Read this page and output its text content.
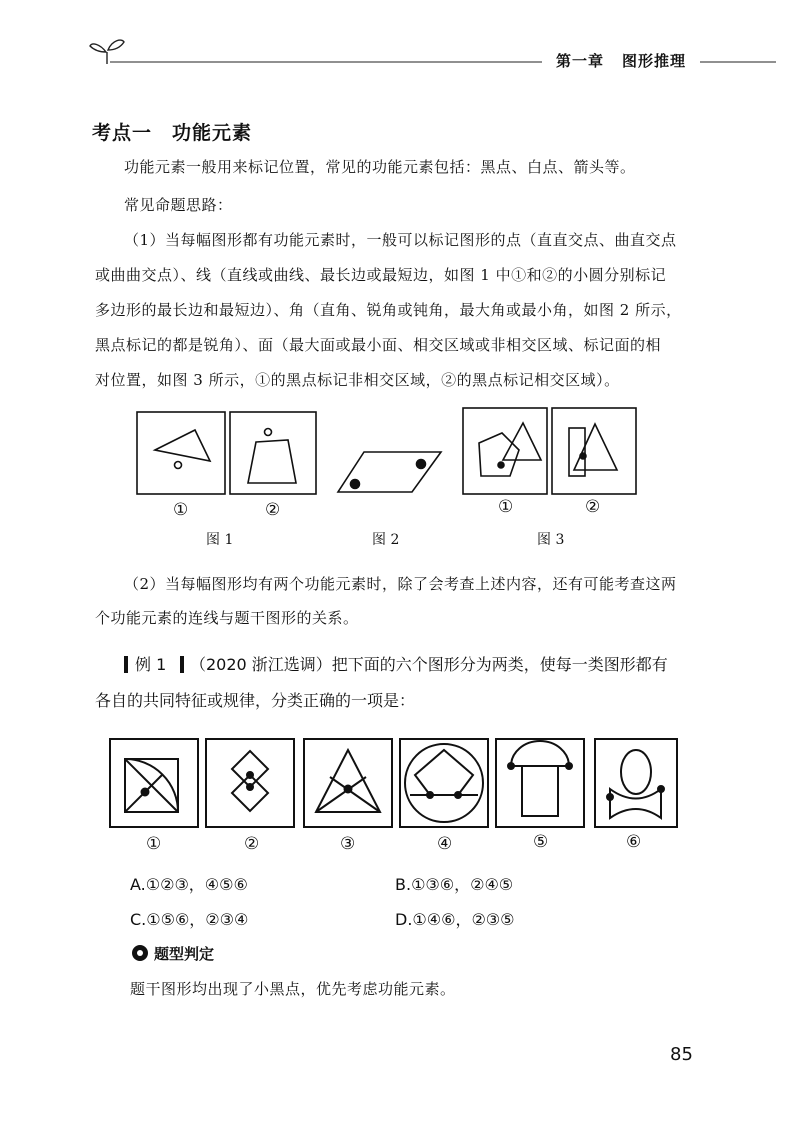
第一章 图形推理
考点一　功能元素
功能元素一般用来标记位置，常见的功能元素包括：黑点、白点、箭头等。
常见命题思路：
（1）当每幅图形都有功能元素时，一般可以标记图形的点（直直交点、曲直交点
或曲曲交点）、线（直线或曲线、最长边或最短边，如图 1 中①和②的小圆分别标记
多边形的最长边和最短边）、角（直角、锐角或钝角，最大角或最小角，如图 2 所示，
黑点标记的都是锐角）、面（最大面或最小面、相交区域或非相交区域、标记面的相
对位置，如图 3 所示，①的黑点标记非相交区域，②的黑点标记相交区域）。
①	②	①	②
图 1	图 2	图 3
（2）当每幅图形均有两个功能元素时，除了会考查上述内容，还有可能考查这两
个功能元素的连线与题干图形的关系。
例 1 （2020 浙江选调）把下面的六个图形分为两类，使每一类图形都有
各自的共同特征或规律，分类正确的一项是：
①	②	③	④	⑤	⑥
A.①②③，④⑤⑥	B.①③⑥，②④⑤
C.①⑤⑥，②③④	D.①④⑥，②③⑤
题型判定
题干图形均出现了小黑点，优先考虑功能元素。
85
